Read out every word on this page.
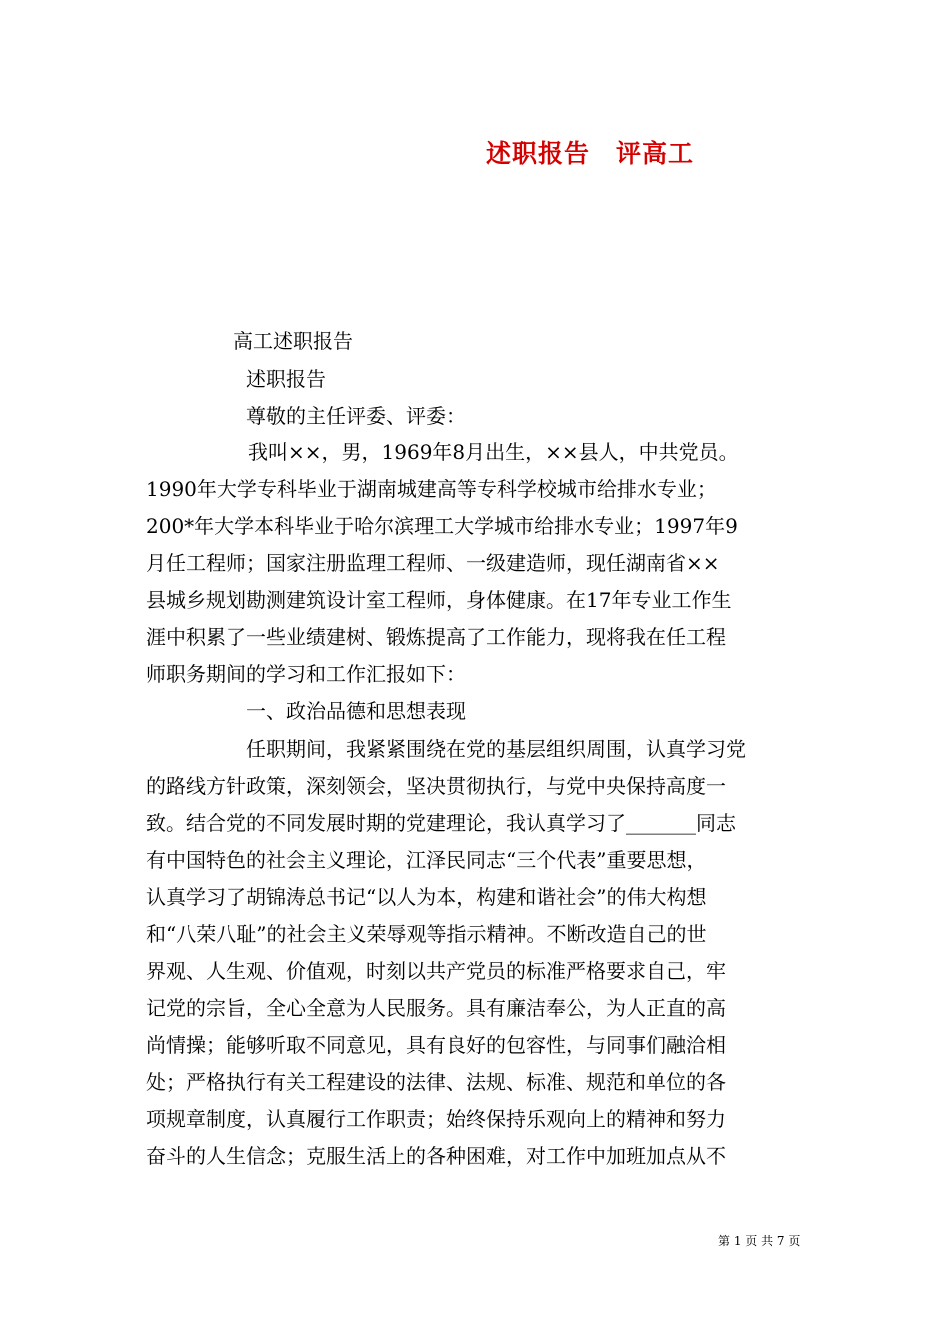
述职报告　评高工
高工述职报告
述职报告
尊敬的主任评委、评委：
我叫××，男，1969年8月出生，××县人，中共党员。
1990年大学专科毕业于湖南城建高等专科学校城市给排水专业；
200*年大学本科毕业于哈尔滨理工大学城市给排水专业；1997年9
月任工程师；国家注册监理工程师、一级建造师，现任湖南省××
县城乡规划勘测建筑设计室工程师，身体健康。在17年专业工作生
涯中积累了一些业绩建树、锻炼提高了工作能力，现将我在任工程
师职务期间的学习和工作汇报如下：
一、政治品德和思想表现
任职期间，我紧紧围绕在党的基层组织周围，认真学习党
的路线方针政策，深刻领会，坚决贯彻执行，与党中央保持高度一
致。结合党的不同发展时期的党建理论，我认真学习了_______同志
有中国特色的社会主义理论，江泽民同志“三个代表”重要思想，
认真学习了胡锦涛总书记“以人为本，构建和谐社会”的伟大构想
和“八荣八耻”的社会主义荣辱观等指示精神。不断改造自己的世
界观、人生观、价值观，时刻以共产党员的标准严格要求自己，牢
记党的宗旨，全心全意为人民服务。具有廉洁奉公，为人正直的高
尚情操；能够听取不同意见，具有良好的包容性，与同事们融洽相
处；严格执行有关工程建设的法律、法规、标准、规范和单位的各
项规章制度，认真履行工作职责；始终保持乐观向上的精神和努力
奋斗的人生信念；克服生活上的各种困难，对工作中加班加点从不
第 1 页 共 7 页
